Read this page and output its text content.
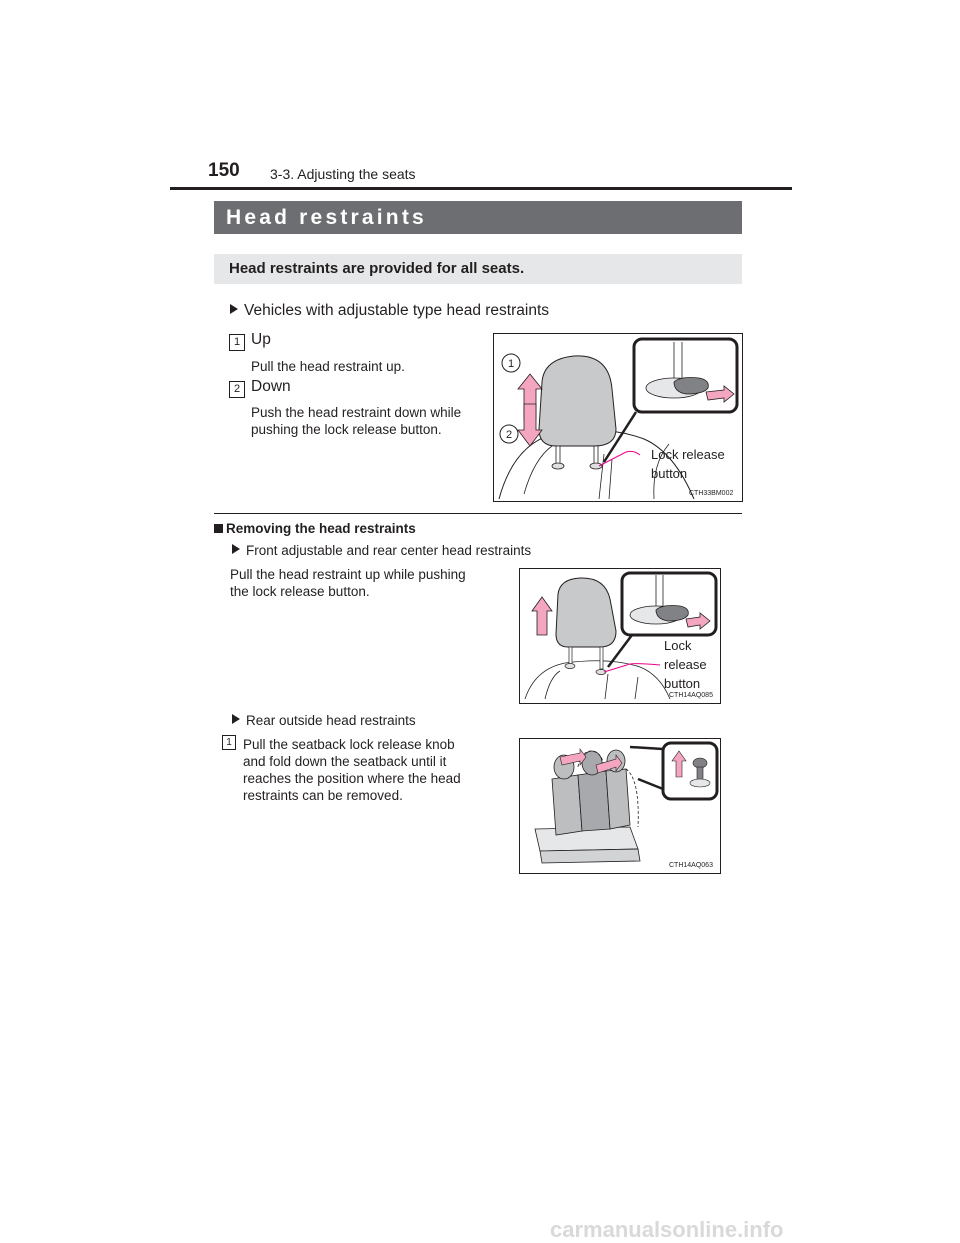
150 3-3. Adjusting the seats
Head restraints
Head restraints are provided for all seats.
Vehicles with adjustable type head restraints
1 Up
Pull the head restraint up.
2 Down
Push the head restraint down while
pushing the lock release button.
1
2
Lock release
button
CTH33BM002
Removing the head restraints
Front adjustable and rear center head restraints
Pull the head restraint up while pushing
the lock release button.
Lock
release
button
CTH14AQ085
Rear outside head restraints
1 Pull the seatback lock release knob
and fold down the seatback until it
reaches the position where the head
restraints can be removed.
CTH14AQ063
carmanualsonline.info
